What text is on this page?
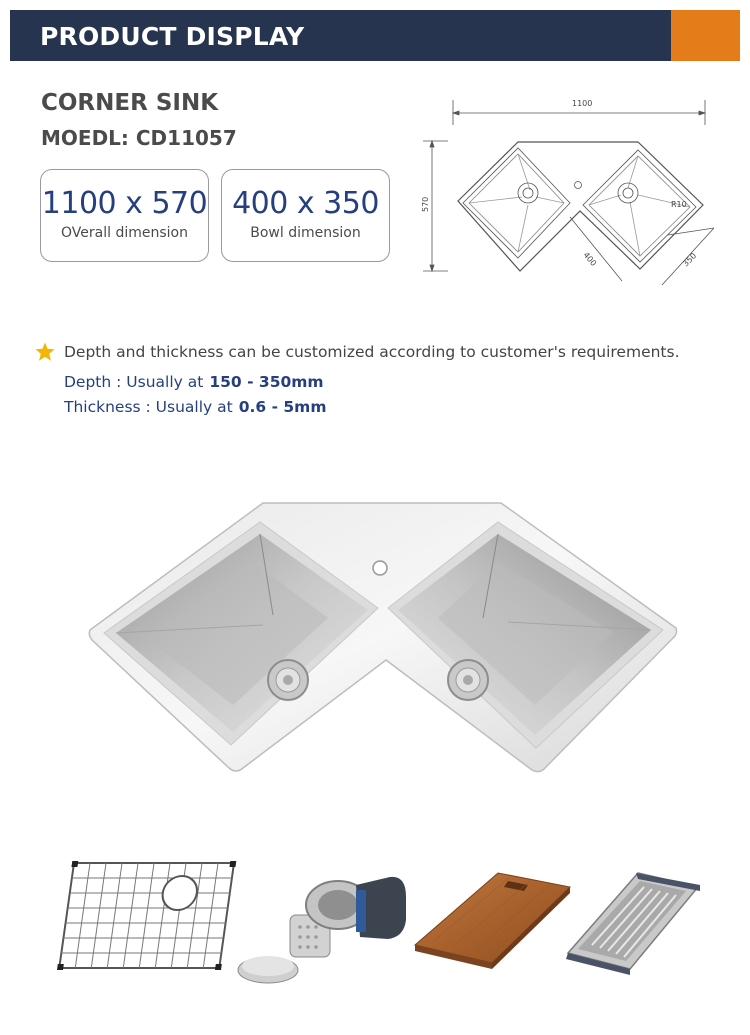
PRODUCT DISPLAY
CORNER SINK
MOEDL: CD11057
1100 x 570
OVerall dimension
400 x 350
Bowl dimension
1100
570
400	350
R10
Depth and thickness can be customized according to customer's requirements.
Depth : Usually at 150 - 350mm
Thickness : Usually at 0.6 - 5mm
